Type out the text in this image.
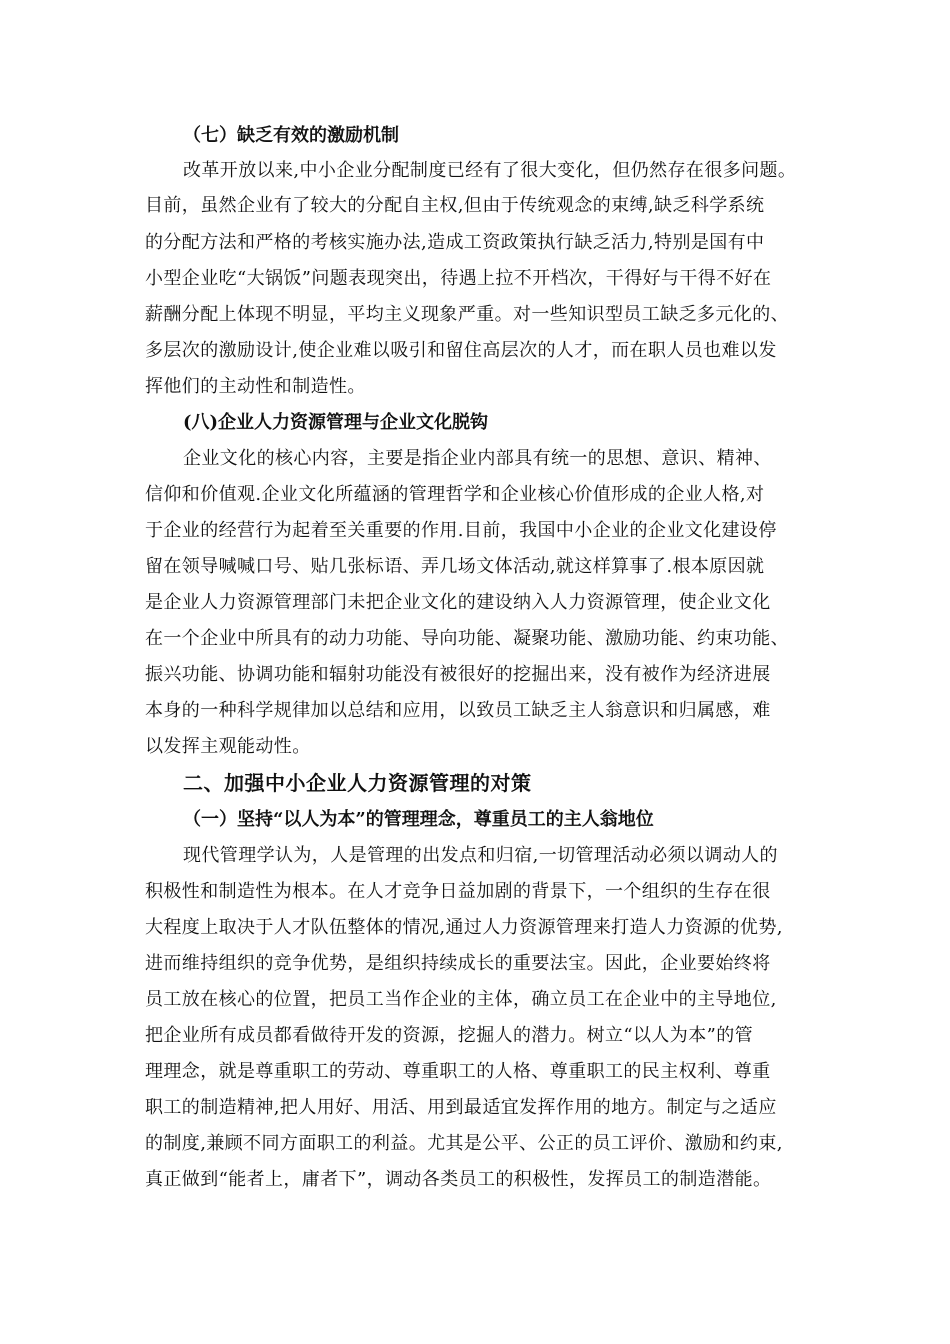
（七）缺乏有效的激励机制
改革开放以来,中小企业分配制度已经有了很大变化，但仍然存在很多问题。
目前，虽然企业有了较大的分配自主权,但由于传统观念的束缚,缺乏科学系统
的分配方法和严格的考核实施办法,造成工资政策执行缺乏活力,特别是国有中
小型企业吃“大锅饭”问题表现突出，待遇上拉不开档次，干得好与干得不好在
薪酬分配上体现不明显，平均主义现象严重。对一些知识型员工缺乏多元化的、
多层次的激励设计,使企业难以吸引和留住高层次的人才，而在职人员也难以发
挥他们的主动性和制造性。
(八)企业人力资源管理与企业文化脱钩
企业文化的核心内容，主要是指企业内部具有统一的思想、意识、精神、
信仰和价值观.企业文化所蕴涵的管理哲学和企业核心价值形成的企业人格,对
于企业的经营行为起着至关重要的作用.目前，我国中小企业的企业文化建设停
留在领导喊喊口号、贴几张标语、弄几场文体活动,就这样算事了.根本原因就
是企业人力资源管理部门未把企业文化的建设纳入人力资源管理，使企业文化
在一个企业中所具有的动力功能、导向功能、凝聚功能、激励功能、约束功能、
振兴功能、协调功能和辐射功能没有被很好的挖掘出来，没有被作为经济进展
本身的一种科学规律加以总结和应用，以致员工缺乏主人翁意识和归属感，难
以发挥主观能动性。
二、加强中小企业人力资源管理的对策
（一）坚持“以人为本”的管理理念，尊重员工的主人翁地位
现代管理学认为，人是管理的出发点和归宿,一切管理活动必须以调动人的
积极性和制造性为根本。在人才竞争日益加剧的背景下，一个组织的生存在很
大程度上取决于人才队伍整体的情况,通过人力资源管理来打造人力资源的优势,
进而维持组织的竞争优势，是组织持续成长的重要法宝。因此，企业要始终将
员工放在核心的位置，把员工当作企业的主体，确立员工在企业中的主导地位,
把企业所有成员都看做待开发的资源，挖掘人的潜力。树立“以人为本”的管
理理念，就是尊重职工的劳动、尊重职工的人格、尊重职工的民主权利、尊重
职工的制造精神,把人用好、用活、用到最适宜发挥作用的地方。制定与之适应
的制度,兼顾不同方面职工的利益。尤其是公平、公正的员工评价、激励和约束,
真正做到“能者上，庸者下”，调动各类员工的积极性，发挥员工的制造潜能。
